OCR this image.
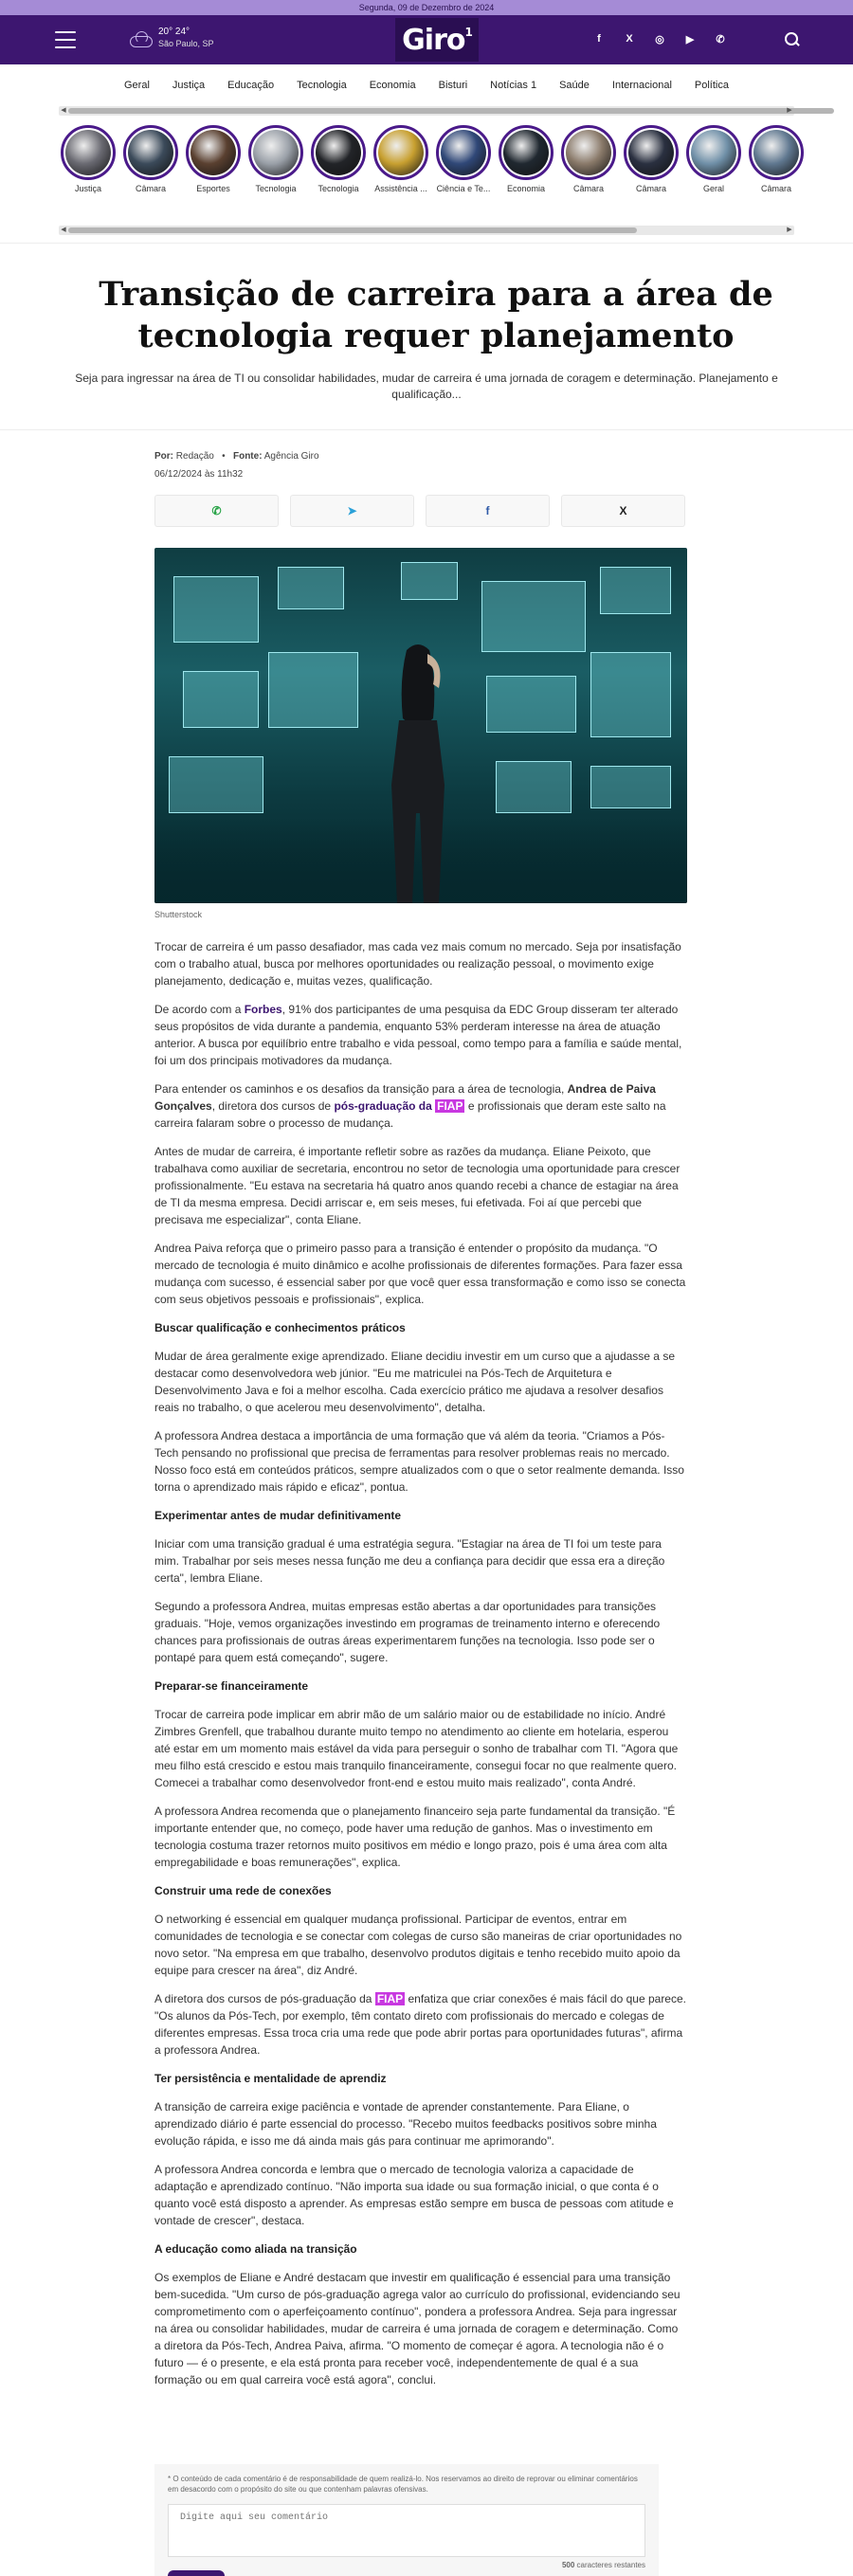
Segunda, 09 de Dezembro de 2024
20° 24°
São Paulo, SP	Giro$^1$
f	X	◎	▶	✆
Geral	Justiça	Educação	Tecnologia	Economia	Bisturi	Notícias 1	Saúde	Internacional	Política
◀	▶
Justiça	Câmara	Esportes	Tecnologia	Tecnologia	Assistência ...	Ciência e Te...	Economia	Câmara	Câmara	Geral	Câmara
◀	▶
Transição de carreira para a área de tecnologia requer planejamento

Seja para ingressar na área de TI ou consolidar habilidades, mudar de carreira é uma jornada de coragem e determinação. Planejamento e qualificação...

Por: Redação   •   Fonte: Agência Giro
06/12/2024 às 11h32
✆	➤	f	X
Shutterstock

Trocar de carreira é um passo desafiador, mas cada vez mais comum no mercado. Seja por insatisfação com o trabalho atual, busca por melhores oportunidades ou realização pessoal, o movimento exige planejamento, dedicação e, muitas vezes, qualificação.

De acordo com a Forbes, 91% dos participantes de uma pesquisa da EDC Group disseram ter alterado seus propósitos de vida durante a pandemia, enquanto 53% perderam interesse na área de atuação anterior. A busca por equilíbrio entre trabalho e vida pessoal, como tempo para a família e saúde mental, foi um dos principais motivadores da mudança.

Para entender os caminhos e os desafios da transição para a área de tecnologia, Andrea de Paiva Gonçalves, diretora dos cursos de pós-graduação da FIAP e profissionais que deram este salto na carreira falaram sobre o processo de mudança.

Antes de mudar de carreira, é importante refletir sobre as razões da mudança. Eliane Peixoto, que trabalhava como auxiliar de secretaria, encontrou no setor de tecnologia uma oportunidade para crescer profissionalmente. "Eu estava na secretaria há quatro anos quando recebi a chance de estagiar na área de TI da mesma empresa. Decidi arriscar e, em seis meses, fui efetivada. Foi aí que percebi que precisava me especializar", conta Eliane.

Andrea Paiva reforça que o primeiro passo para a transição é entender o propósito da mudança. "O mercado de tecnologia é muito dinâmico e acolhe profissionais de diferentes formações. Para fazer essa mudança com sucesso, é essencial saber por que você quer essa transformação e como isso se conecta com seus objetivos pessoais e profissionais", explica.

Buscar qualificação e conhecimentos práticos

Mudar de área geralmente exige aprendizado. Eliane decidiu investir em um curso que a ajudasse a se destacar como desenvolvedora web júnior. "Eu me matriculei na Pós-Tech de Arquitetura e Desenvolvimento Java e foi a melhor escolha. Cada exercício prático me ajudava a resolver desafios reais no trabalho, o que acelerou meu desenvolvimento", detalha.

A professora Andrea destaca a importância de uma formação que vá além da teoria. "Criamos a Pós-Tech pensando no profissional que precisa de ferramentas para resolver problemas reais no mercado. Nosso foco está em conteúdos práticos, sempre atualizados com o que o setor realmente demanda. Isso torna o aprendizado mais rápido e eficaz", pontua.

Experimentar antes de mudar definitivamente

Iniciar com uma transição gradual é uma estratégia segura. "Estagiar na área de TI foi um teste para mim. Trabalhar por seis meses nessa função me deu a confiança para decidir que essa era a direção certa", lembra Eliane.

Segundo a professora Andrea, muitas empresas estão abertas a dar oportunidades para transições graduais. "Hoje, vemos organizações investindo em programas de treinamento interno e oferecendo chances para profissionais de outras áreas experimentarem funções na tecnologia. Isso pode ser o pontapé para quem está começando", sugere.

Preparar-se financeiramente

Trocar de carreira pode implicar em abrir mão de um salário maior ou de estabilidade no início. André Zimbres Grenfell, que trabalhou durante muito tempo no atendimento ao cliente em hotelaria, esperou até estar em um momento mais estável da vida para perseguir o sonho de trabalhar com TI. "Agora que meu filho está crescido e estou mais tranquilo financeiramente, consegui focar no que realmente quero. Comecei a trabalhar como desenvolvedor front-end e estou muito mais realizado", conta André.

A professora Andrea recomenda que o planejamento financeiro seja parte fundamental da transição. "É importante entender que, no começo, pode haver uma redução de ganhos. Mas o investimento em tecnologia costuma trazer retornos muito positivos em médio e longo prazo, pois é uma área com alta empregabilidade e boas remunerações", explica.

Construir uma rede de conexões

O networking é essencial em qualquer mudança profissional. Participar de eventos, entrar em comunidades de tecnologia e se conectar com colegas de curso são maneiras de criar oportunidades no novo setor. "Na empresa em que trabalho, desenvolvo produtos digitais e tenho recebido muito apoio da equipe para crescer na área", diz André.

A diretora dos cursos de pós-graduação da FIAP enfatiza que criar conexões é mais fácil do que parece. "Os alunos da Pós-Tech, por exemplo, têm contato direto com profissionais do mercado e colegas de diferentes empresas. Essa troca cria uma rede que pode abrir portas para oportunidades futuras", afirma a professora Andrea.

Ter persistência e mentalidade de aprendiz

A transição de carreira exige paciência e vontade de aprender constantemente. Para Eliane, o aprendizado diário é parte essencial do processo. "Recebo muitos feedbacks positivos sobre minha evolução rápida, e isso me dá ainda mais gás para continuar me aprimorando".

A professora Andrea concorda e lembra que o mercado de tecnologia valoriza a capacidade de adaptação e aprendizado contínuo. "Não importa sua idade ou sua formação inicial, o que conta é o quanto você está disposto a aprender. As empresas estão sempre em busca de pessoas com atitude e vontade de crescer", destaca.

A educação como aliada na transição

Os exemplos de Eliane e André destacam que investir em qualificação é essencial para uma transição bem-sucedida. "Um curso de pós-graduação agrega valor ao currículo do profissional, evidenciando seu comprometimento com o aperfeiçoamento contínuo", pondera a professora Andrea. Seja para ingressar na área ou consolidar habilidades, mudar de carreira é uma jornada de coragem e determinação. Como a diretora da Pós-Tech, Andrea Paiva, afirma. "O momento de começar é agora. A tecnologia não é o futuro — é o presente, e ela está pronta para receber você, independentemente de qual é a sua formação ou em qual carreira você está agora", conclui.

* O conteúdo de cada comentário é de responsabilidade de quem realizá-lo. Nos reservamos ao direito de reprovar ou eliminar comentários em desacordo com o propósito do site ou que contenham palavras ofensivas.
Digite aqui seu comentário
500 caracteres restantes
